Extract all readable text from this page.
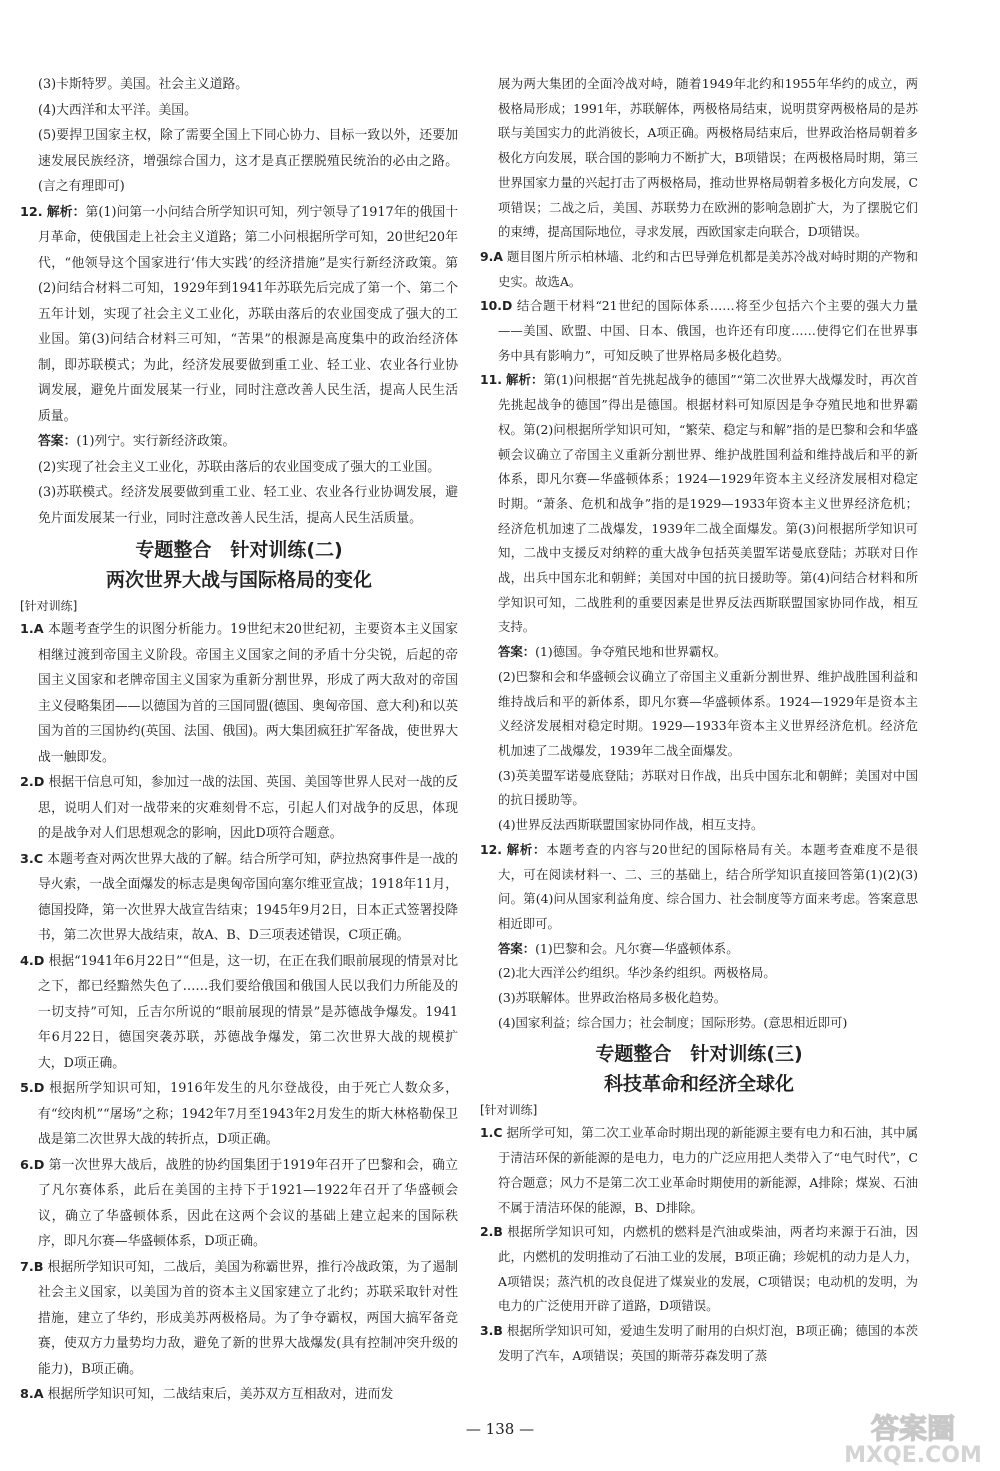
(3)卡斯特罗。美国。社会主义道路。

(4)大西洋和太平洋。美国。

(5)要捍卫国家主权，除了需要全国上下同心协力、目标一致以外，还要加速发展民族经济，增强综合国力，这才是真正摆脱殖民统治的必由之路。(言之有理即可)

12. 解析：第(1)问第一小问结合所学知识可知，列宁领导了1917年的俄国十月革命，使俄国走上社会主义道路；第二小问根据所学可知，20世纪20年代，“他领导这个国家进行‘伟大实践’的经济措施”是实行新经济政策。第(2)问结合材料二可知，1929年到1941年苏联先后完成了第一个、第二个五年计划，实现了社会主义工业化，苏联由落后的农业国变成了强大的工业国。第(3)问结合材料三可知，“苦果”的根源是高度集中的政治经济体制，即苏联模式；为此，经济发展要做到重工业、轻工业、农业各行业协调发展，避免片面发展某一行业，同时注意改善人民生活，提高人民生活质量。

答案：(1)列宁。实行新经济政策。

(2)实现了社会主义工业化，苏联由落后的农业国变成了强大的工业国。

(3)苏联模式。经济发展要做到重工业、轻工业、农业各行业协调发展，避免片面发展某一行业，同时注意改善人民生活，提高人民生活质量。

专题整合　针对训练(二)
两次世界大战与国际格局的变化
[针对训练]

1.A 本题考查学生的识图分析能力。19世纪末20世纪初，主要资本主义国家相继过渡到帝国主义阶段。帝国主义国家之间的矛盾十分尖锐，后起的帝国主义国家和老牌帝国主义国家为重新分割世界，形成了两大敌对的帝国主义侵略集团——以德国为首的三国同盟(德国、奥匈帝国、意大利)和以英国为首的三国协约(英国、法国、俄国)。两大集团疯狂扩军备战，使世界大战一触即发。

2.D 根据干信息可知，参加过一战的法国、英国、美国等世界人民对一战的反思，说明人们对一战带来的灾难刻骨不忘，引起人们对战争的反思，体现的是战争对人们思想观念的影响，因此D项符合题意。

3.C 本题考查对两次世界大战的了解。结合所学可知，萨拉热窝事件是一战的导火索，一战全面爆发的标志是奥匈帝国向塞尔维亚宣战；1918年11月，德国投降，第一次世界大战宣告结束；1945年9月2日，日本正式签署投降书，第二次世界大战结束，故A、B、D三项表述错误，C项正确。

4.D 根据“1941年6月22日”“但是，这一切，在正在我们眼前展现的情景对比之下，都已经黯然失色了……我们要给俄国和俄国人民以我们力所能及的一切支持”可知，丘吉尔所说的“眼前展现的情景”是苏德战争爆发。1941年6月22日，德国突袭苏联，苏德战争爆发，第二次世界大战的规模扩大，D项正确。

5.D 根据所学知识可知，1916年发生的凡尔登战役，由于死亡人数众多，有“绞肉机”“屠场”之称；1942年7月至1943年2月发生的斯大林格勒保卫战是第二次世界大战的转折点，D项正确。

6.D 第一次世界大战后，战胜的协约国集团于1919年召开了巴黎和会，确立了凡尔赛体系，此后在美国的主持下于1921—1922年召开了华盛顿会议，确立了华盛顿体系，因此在这两个会议的基础上建立起来的国际秩序，即凡尔赛—华盛顿体系，D项正确。

7.B 根据所学知识可知，二战后，美国为称霸世界，推行冷战政策，为了遏制社会主义国家，以美国为首的资本主义国家建立了北约；苏联采取针对性措施，建立了华约，形成美苏两极格局。为了争夺霸权，两国大搞军备竞赛，使双方力量势均力敌，避免了新的世界大战爆发(具有控制冲突升级的能力)，B项正确。

8.A 根据所学知识可知，二战结束后，美苏双方互相敌对，进而发

展为两大集团的全面冷战对峙，随着1949年北约和1955年华约的成立，两极格局形成；1991年，苏联解体，两极格局结束，说明贯穿两极格局的是苏联与美国实力的此消彼长，A项正确。两极格局结束后，世界政治格局朝着多极化方向发展，联合国的影响力不断扩大，B项错误；在两极格局时期，第三世界国家力量的兴起打击了两极格局，推动世界格局朝着多极化方向发展，C项错误；二战之后，美国、苏联势力在欧洲的影响急剧扩大，为了摆脱它们的束缚，提高国际地位，寻求发展，西欧国家走向联合，D项错误。

9.A 题目图片所示柏林墙、北约和古巴导弹危机都是美苏冷战对峙时期的产物和史实。故选A。

10.D 结合题干材料“21世纪的国际体系……将至少包括六个主要的强大力量——美国、欧盟、中国、日本、俄国，也许还有印度……使得它们在世界事务中具有影响力”，可知反映了世界格局多极化趋势。

11. 解析：第(1)问根据“首先挑起战争的德国”“第二次世界大战爆发时，再次首先挑起战争的德国”得出是德国。根据材料可知原因是争夺殖民地和世界霸权。第(2)问根据所学知识可知，“繁荣、稳定与和解”指的是巴黎和会和华盛顿会议确立了帝国主义重新分割世界、维护战胜国利益和维持战后和平的新体系，即凡尔赛—华盛顿体系；1924—1929年资本主义经济发展相对稳定时期。“萧条、危机和战争”指的是1929—1933年资本主义世界经济危机；经济危机加速了二战爆发，1939年二战全面爆发。第(3)问根据所学知识可知，二战中支援反对纳粹的重大战争包括英美盟军诺曼底登陆；苏联对日作战，出兵中国东北和朝鲜；美国对中国的抗日援助等。第(4)问结合材料和所学知识可知，二战胜利的重要因素是世界反法西斯联盟国家协同作战，相互支持。

答案：(1)德国。争夺殖民地和世界霸权。

(2)巴黎和会和华盛顿会议确立了帝国主义重新分割世界、维护战胜国利益和维持战后和平的新体系，即凡尔赛—华盛顿体系。1924—1929年是资本主义经济发展相对稳定时期。1929—1933年资本主义世界经济危机。经济危机加速了二战爆发，1939年二战全面爆发。

(3)英美盟军诺曼底登陆；苏联对日作战，出兵中国东北和朝鲜；美国对中国的抗日援助等。

(4)世界反法西斯联盟国家协同作战，相互支持。

12. 解析：本题考查的内容与20世纪的国际格局有关。本题考查难度不是很大，可在阅读材料一、二、三的基础上，结合所学知识直接回答第(1)(2)(3)问。第(4)问从国家利益角度、综合国力、社会制度等方面来考虑。答案意思相近即可。

答案：(1)巴黎和会。凡尔赛—华盛顿体系。

(2)北大西洋公约组织。华沙条约组织。两极格局。

(3)苏联解体。世界政治格局多极化趋势。

(4)国家利益；综合国力；社会制度；国际形势。(意思相近即可)

专题整合　针对训练(三)
科技革命和经济全球化
[针对训练]

1.C 据所学可知，第二次工业革命时期出现的新能源主要有电力和石油，其中属于清洁环保的新能源的是电力，电力的广泛应用把人类带入了“电气时代”，C符合题意；风力不是第二次工业革命时期使用的新能源，A排除；煤炭、石油不属于清洁环保的能源，B、D排除。

2.B 根据所学知识可知，内燃机的燃料是汽油或柴油，两者均来源于石油，因此，内燃机的发明推动了石油工业的发展，B项正确；珍妮机的动力是人力，A项错误；蒸汽机的改良促进了煤炭业的发展，C项错误；电动机的发明，为电力的广泛使用开辟了道路，D项错误。

3.B 根据所学知识可知，爱迪生发明了耐用的白炽灯泡，B项正确；德国的本茨发明了汽车，A项错误；英国的斯蒂芬森发明了蒸

— 138 —	答案圈
MXQE.COM
